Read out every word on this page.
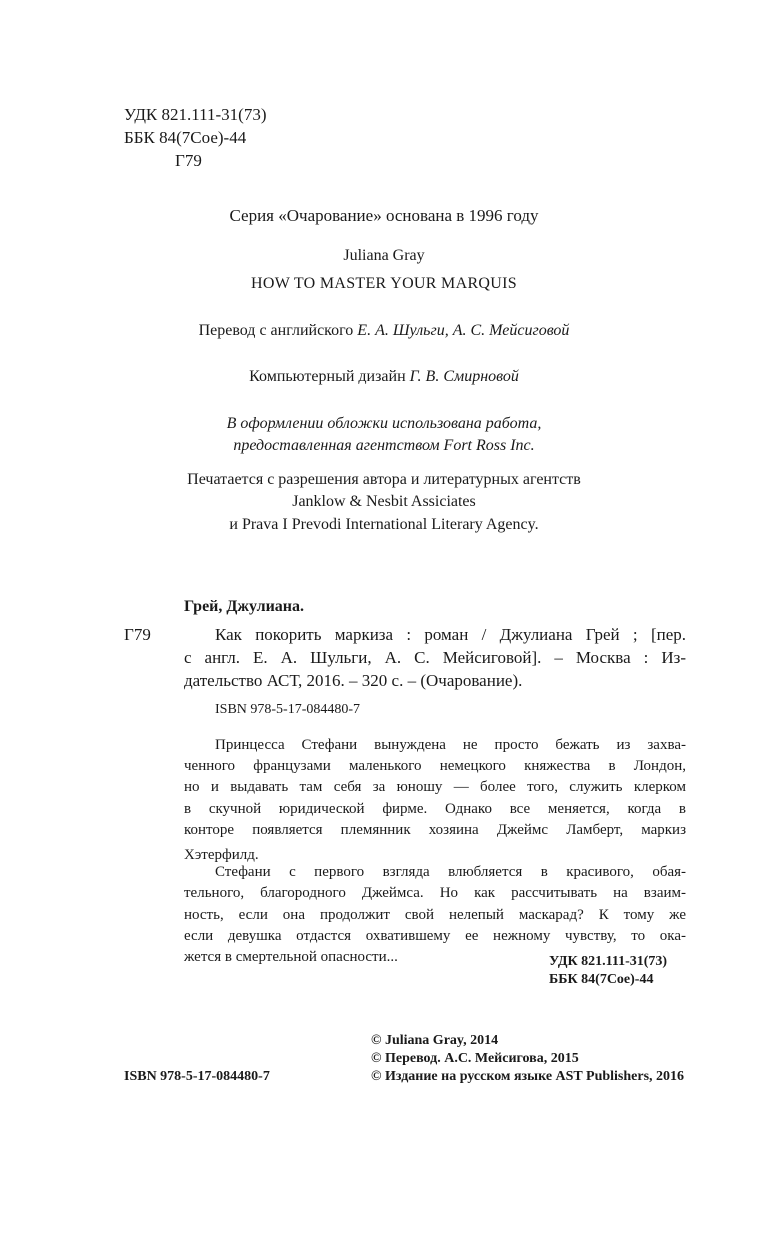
УДК 821.111-31(73)
ББК 84(7Сое)-44
Г79
Серия «Очарование» основана в 1996 году
Juliana Gray
HOW TO MASTER YOUR MARQUIS
Перевод с английского Е. А. Шульги, А. С. Мейсиговой
Компьютерный дизайн Г. В. Смирновой
В оформлении обложки использована работа,
предоставленная агентством Fort Ross Inc.
Печатается с разрешения автора и литературных агентств
Janklow & Nesbit Assiciates
и Prava I Prevodi International Literary Agency.
Грей, Джулиана.
Г79	Как покорить маркиза : роман / Джулиана Грей ; [пер.
с англ. Е. А. Шульги, А. С. Мейсиговой]. – Москва : Из-
дательство АСТ, 2016. – 320 с. – (Очарование).
ISBN 978-5-17-084480-7
Принцесса Стефани вынуждена не просто бежать из захва-
ченного французами маленького немецкого княжества в Лондон,
но и выдавать там себя за юношу — более того, служить клерком
в скучной юридической фирме. Однако все меняется, когда в
конторе появляется племянник хозяина Джеймс Ламберт, маркиз
Хэтерфилд.
Стефани с первого взгляда влюбляется в красивого, обая-
тельного, благородного Джеймса. Но как рассчитывать на взаим-
ность, если она продолжит свой нелепый маскарад? К тому же
если девушка отдастся охватившему ее нежному чувству, то ока-
жется в смертельной опасности...	УДК 821.111-31(73)
ББК 84(7Сое)-44
ISBN 978-5-17-084480-7
© Juliana Gray, 2014
© Перевод. А.С. Мейсигова, 2015
© Издание на русском языке AST Publishers, 2016
